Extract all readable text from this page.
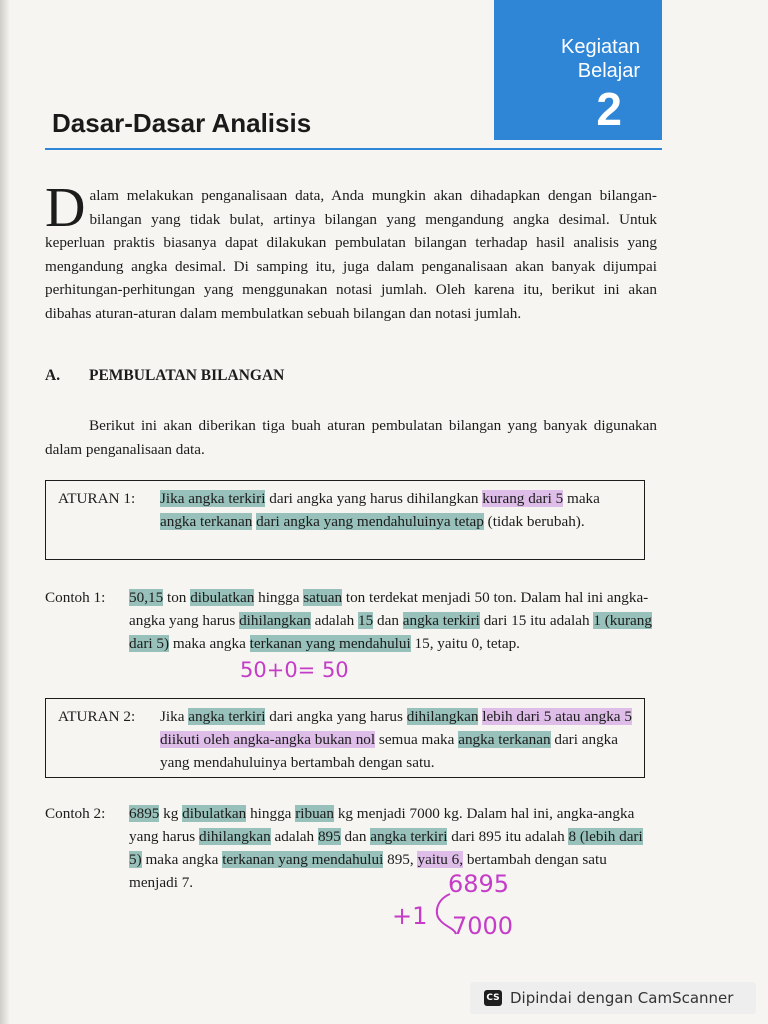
Kegiatan
Belajar
2
Dasar-Dasar Analisis
Dalam melakukan penganalisaan data, Anda mungkin akan dihadapkan dengan bilangan-bilangan yang tidak bulat, artinya bilangan yang mengandung angka desimal. Untuk keperluan praktis biasanya dapat dilakukan pembulatan bilangan terhadap hasil analisis yang mengandung angka desimal. Di samping itu, juga dalam penganalisaan akan banyak dijumpai perhitungan-perhitungan yang menggunakan notasi jumlah. Oleh karena itu, berikut ini akan dibahas aturan-aturan dalam membulatkan sebuah bilangan dan notasi jumlah.
A. PEMBULATAN BILANGAN
Berikut ini akan diberikan tiga buah aturan pembulatan bilangan yang banyak digunakan dalam penganalisaan data.
ATURAN 1: Jika angka terkiri dari angka yang harus dihilangkan kurang dari 5 maka angka terkanan dari angka yang mendahuluinya tetap (tidak berubah).
Contoh 1: 50,15 ton dibulatkan hingga satuan ton terdekat menjadi 50 ton. Dalam hal ini angka-angka yang harus dihilangkan adalah 15 dan angka terkiri dari 15 itu adalah 1 (kurang dari 5) maka angka terkanan yang mendahului 15, yaitu 0, tetap.
50+0= 50
ATURAN 2: Jika angka terkiri dari angka yang harus dihilangkan lebih dari 5 atau angka 5 diikuti oleh angka-angka bukan nol semua maka angka terkanan dari angka yang mendahuluinya bertambah dengan satu.
Contoh 2: 6895 kg dibulatkan hingga ribuan kg menjadi 7000 kg. Dalam hal ini, angka-angka yang harus dihilangkan adalah 895 dan angka terkiri dari 895 itu adalah 8 (lebih dari 5) maka angka terkanan yang mendahului 895, yaitu 6, bertambah dengan satu menjadi 7.	6895
+1 7000
CS Dipindai dengan CamScanner
